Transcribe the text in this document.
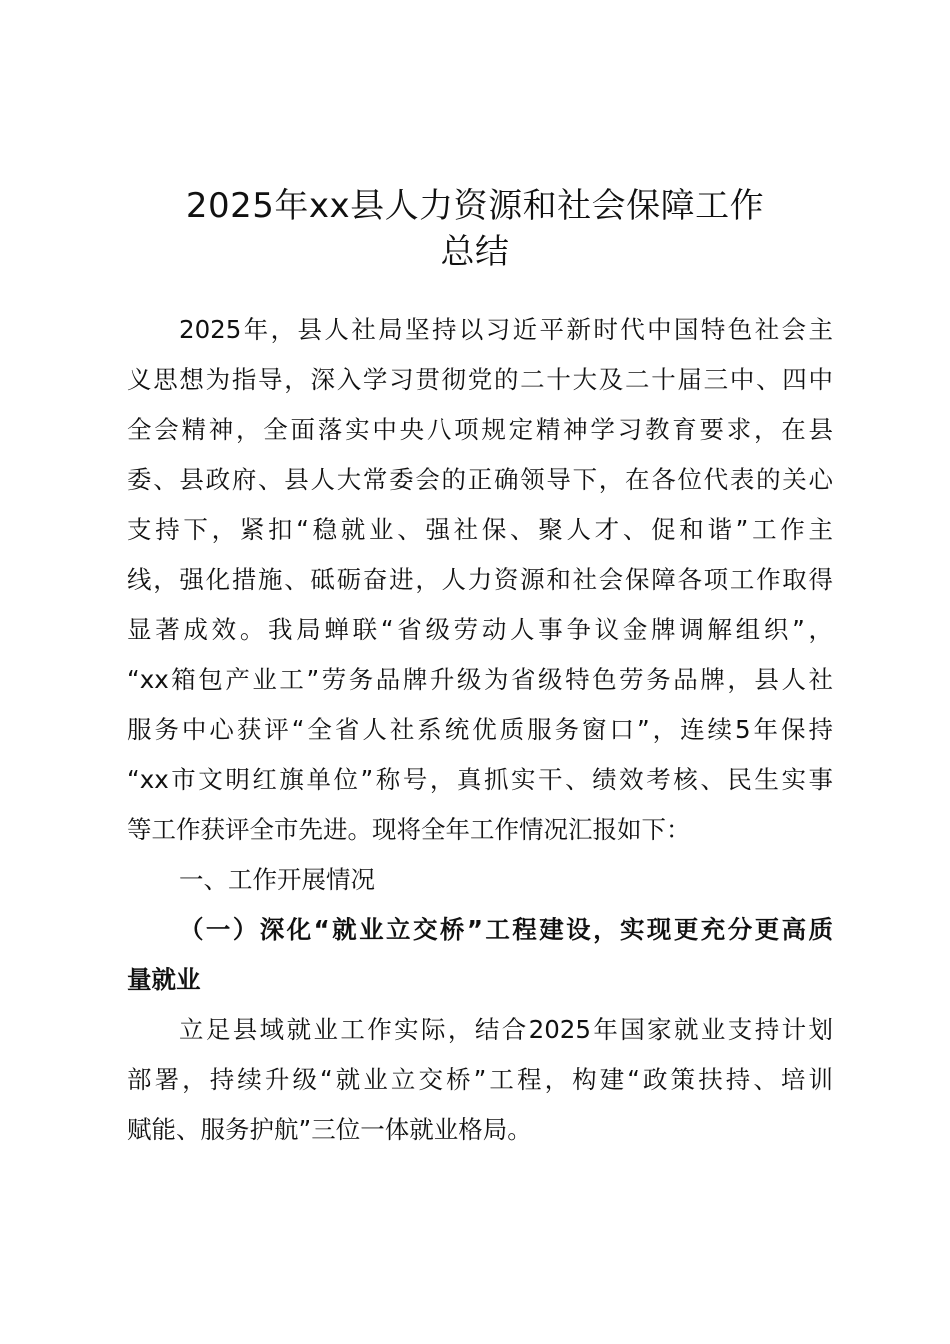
2025年xx县人力资源和社会保障工作
总结
2025年，县人社局坚持以习近平新时代中国特色社会主
义思想为指导，深入学习贯彻党的二十大及二十届三中、四中
全会精神，全面落实中央八项规定精神学习教育要求，在县
委、县政府、县人大常委会的正确领导下，在各位代表的关心
支持下，紧扣“稳就业、强社保、聚人才、促和谐”工作主
线，强化措施、砥砺奋进，人力资源和社会保障各项工作取得
显著成效。我局蝉联“省级劳动人事争议金牌调解组织”，
“xx箱包产业工”劳务品牌升级为省级特色劳务品牌，县人社
服务中心获评“全省人社系统优质服务窗口”，连续5年保持
“xx市文明红旗单位”称号，真抓实干、绩效考核、民生实事
等工作获评全市先进。现将全年工作情况汇报如下：
一、工作开展情况
（一）深化“就业立交桥”工程建设，实现更充分更高质
量就业
立足县域就业工作实际，结合2025年国家就业支持计划
部署，持续升级“就业立交桥”工程，构建“政策扶持、培训
赋能、服务护航”三位一体就业格局。
